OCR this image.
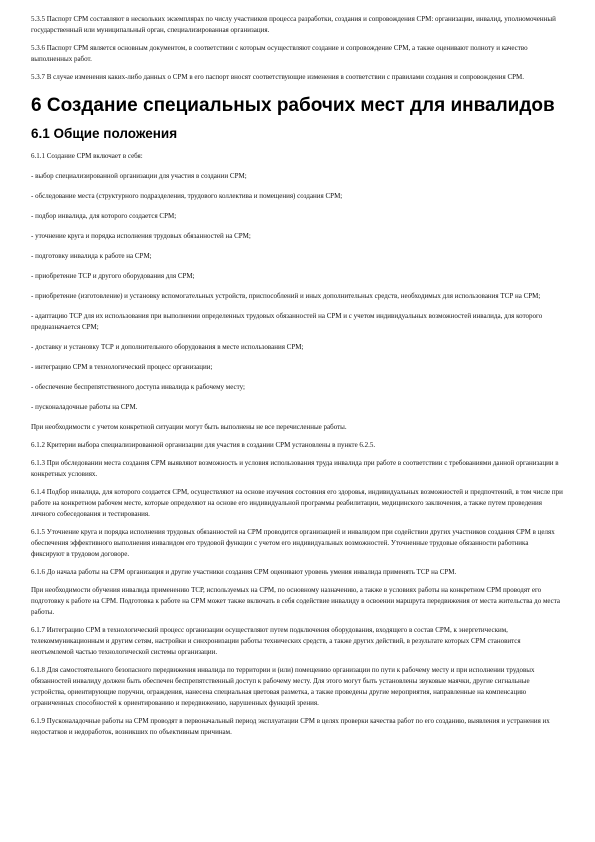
5.3.5 Паспорт СРМ составляют в нескольких экземплярах по числу участников процесса разработки, создания и сопровождения СРМ: организации, инвалид, уполномоченный государственный или муниципальный орган, специализированная организация.

5.3.6 Паспорт СРМ является основным документом, в соответствии с которым осуществляют создание и сопровождение СРМ, а также оценивают полноту и качество выполненных работ.

5.3.7 В случае изменения каких-либо данных о СРМ в его паспорт вносят соответствующие изменения в соответствии с правилами создания и сопровождения СРМ.

6 Создание специальных рабочих мест для инвалидов
6.1 Общие положения

6.1.1 Создание СРМ включает в себя:

- выбор специализированной организации для участия в создании СРМ;

- обследование места (структурного подразделения, трудового коллектива и помещения) создания СРМ;

- подбор инвалида, для которого создается СРМ;

- уточнение круга и порядка исполнения трудовых обязанностей на СРМ;

- подготовку инвалида к работе на СРМ;

- приобретение ТСР и другого оборудования для СРМ;

- приобретение (изготовление) и установку вспомогательных устройств, приспособлений и иных дополнительных средств, необходимых для использования ТСР на СРМ;

- адаптацию ТСР для их использования при выполнении определенных трудовых обязанностей на СРМ и с учетом индивидуальных возможностей инвалида, для которого предназначается СРМ;

- доставку и установку ТСР и дополнительного оборудования в месте использования СРМ;

- интеграцию СРМ в технологический процесс организации;

- обеспечение беспрепятственного доступа инвалида к рабочему месту;

- пусконаладочные работы на СРМ.

При необходимости с учетом конкретной ситуации могут быть выполнены не все перечисленные работы.

6.1.2 Критерии выбора специализированной организации для участия в создании СРМ установлены в пункте 6.2.5.

6.1.3 При обследовании места создания СРМ выявляют возможность и условия использования труда инвалида при работе в соответствии с требованиями данной организации в конкретных условиях.

6.1.4 Подбор инвалида, для которого создается СРМ, осуществляют на основе изучения состояния его здоровья, индивидуальных возможностей и предпочтений, в том числе при работе на конкретном рабочем месте, которые определяют на основе его индивидуальной программы реабилитации, медицинского заключения, а также путем проведения личного собеседования и тестирования.

6.1.5 Уточнение круга и порядка исполнения трудовых обязанностей на СРМ проводится организацией и инвалидом при содействии других участников создания СРМ в целях обеспечения эффективного выполнения инвалидом его трудовой функции с учетом его индивидуальных возможностей. Уточненные трудовые обязанности работника фиксируют в трудовом договоре.

6.1.6 До начала работы на СРМ организация и другие участники создания СРМ оценивают уровень умения инвалида применять ТСР на СРМ.

При необходимости обучения инвалида применению ТСР, используемых на СРМ, по основному назначению, а также в условиях работы на конкретном СРМ проводят его подготовку к работе на СРМ. Подготовка к работе на СРМ может также включать в себя содействие инвалиду в освоении маршрута передвижения от места жительства до места работы.

6.1.7 Интеграцию СРМ в технологический процесс организации осуществляют путем подключения оборудования, входящего в состав СРМ, к энергетическим, телекоммуникационным и другим сетям, настройки и синхронизации работы технических средств, а также других действий, в результате которых СРМ становится неотъемлемой частью технологической системы организации.

6.1.8 Для самостоятельного безопасного передвижения инвалида по территории и (или) помещению организации по пути к рабочему месту и при исполнении трудовых обязанностей инвалиду должен быть обеспечен беспрепятственный доступ к рабочему месту. Для этого могут быть установлены звуковые маячки, другие сигнальные устройства, ориентирующие поручни, ограждения, нанесена специальная цветовая разметка, а также проведены другие мероприятия, направленные на компенсацию ограниченных способностей к ориентированию и передвижению, нарушенных функций зрения.

6.1.9 Пусконаладочные работы на СРМ проводят в первоначальный период эксплуатации СРМ в целях проверки качества работ по его созданию, выявления и устранения их недостатков и недоработок, возникших по объективным причинам.
